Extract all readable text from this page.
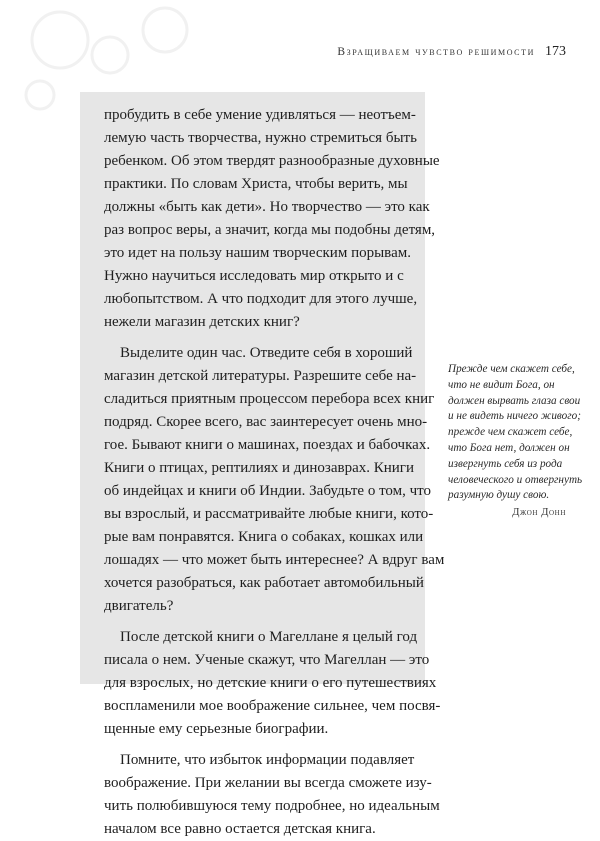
Взращиваем чувство решимости 173

пробудить в себе умение удивляться — неотъем-
лемую часть творчества, нужно стремиться быть
ребенком. Об этом твердят разнообразные духовные
практики. По словам Христа, чтобы верить, мы
должны «быть как дети». Но творчество — это как
раз вопрос веры, а значит, когда мы подобны детям,
это идет на пользу нашим творческим порывам.
Нужно научиться исследовать мир открыто и с
любопытством. А что подходит для этого лучше,
нежели магазин детских книг?

Выделите один час. Отведите себя в хороший
магазин детской литературы. Разрешите себе на-
сладиться приятным процессом перебора всех книг
подряд. Скорее всего, вас заинтересует очень мно-
гое. Бывают книги о машинах, поездах и бабочках.
Книги о птицах, рептилиях и динозаврах. Книги
об индейцах и книги об Индии. Забудьте о том, что
вы взрослый, и рассматривайте любые книги, кото-
рые вам понравятся. Книга о собаках, кошках или
лошадях — что может быть интереснее? А вдруг вам
хочется разобраться, как работает автомобильный
двигатель?

После детской книги о Магеллане я целый год
писала о нем. Ученые скажут, что Магеллан — это
для взрослых, но детские книги о его путешествиях
воспламенили мое воображение сильнее, чем посвя-
щенные ему серьезные биографии.

Помните, что избыток информации подавляет
воображение. При желании вы всегда сможете изу-
чить полюбившуюся тему подробнее, но идеальным
началом все равно остается детская книга.

Прежде чем скажет себе,
что не видит Бога, он
должен вырвать глаза свои
и не видеть ничего живого;
прежде чем скажет себе,
что Бога нет, должен он
извергнуть себя из рода
человеческого и отвергнуть
разумную душу свою.
Джон Донн
